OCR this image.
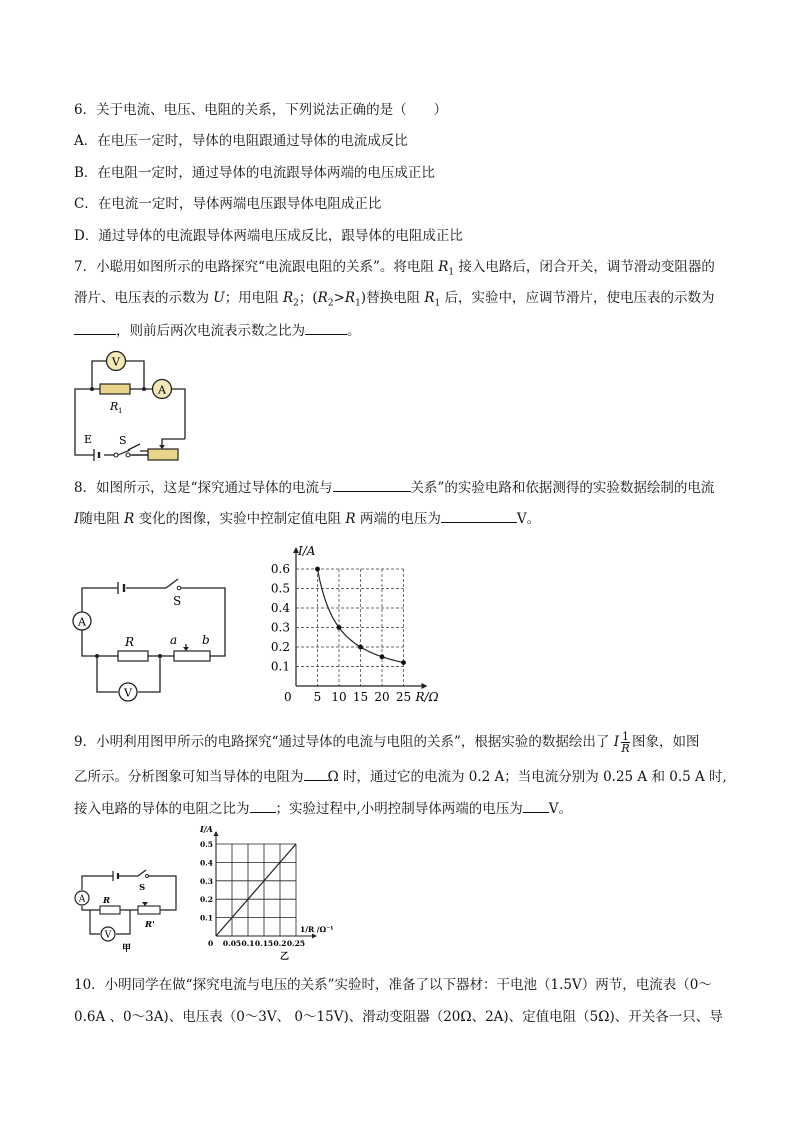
6．关于电流、电压、电阻的关系，下列说法正确的是（　　）
A．在电压一定时，导体的电阻跟通过导体的电流成反比
B．在电阻一定时，通过导体的电流跟导体两端的电压成正比
C．在电流一定时，导体两端电压跟导体电阻成正比
D．通过导体的电流跟导体两端电压成反比，跟导体的电阻成正比
7．小聪用如图所示的电路探究“电流跟电阻的关系”。将电阻 $R_1$ 接入电路后，闭合开关，调节滑动变阻器的
滑片、电压表的示数为 U；用电阻 $R_2$；$(R_2>R_1)$替换电阻 $R_1$ 后，实验中，应调节滑片，使电压表的示数为
，则前后两次电流表示数之比为	。
V
R 1
A
E S
8．如图所示，这是“探究通过导体的电流与	关系”的实验电路和依据测得的实验数据绘制的电流
I随电阻 R 变化的图像，实验中控制定值电阻 R 两端的电压为	V。
S
A
R	a b
V	5 10 15 20 25
0.6
0.5
0.4
0.3
0.2
0.1
0	R/Ω
I/A
9．小明利用图甲所示的电路探究“通过导体的电流与电阻的关系”，根据实验的数据绘出了 I $\frac{1}{R}$ 图象，如图
乙所示。分析图象可知当导体的电阻为 Ω 时，通过它的电流为 0.2 A；当电流分别为 0.25 A 和 0.5 A 时,
接入电路的导体的电阻之比为 ；实验过程中,小明控制导体两端的电压为 V。
S
A R
R'
V
甲
0.05 0.1 0.15 0.2 0.25
0.5
0.4
0.3
0.2
0.1
0
I/A
1/R /Ω⁻¹
乙
10．小明同学在做“探究电流与电压的关系”实验时，准备了以下器材：干电池（1.5V）两节，电流表（0～
0.6A 、0～3A)、电压表（0～3V、 0～15V)、滑动变阻器（20Ω、2A)、定值电阻（5Ω)、开关各一只、导
